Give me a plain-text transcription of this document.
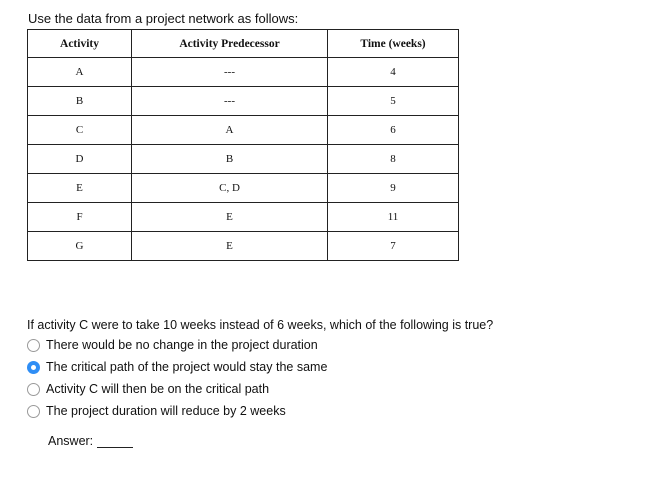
Use the data from a project network as follows:
Activity	Activity Predecessor	Time (weeks)
A	---	4
B	---	5
C	A	6
D	B	8
E	C, D	9
F	E	11
G	E	7
If activity C were to take 10 weeks instead of 6 weeks, which of the following is true?
There would be no change in the project duration
The critical path of the project would stay the same
Activity C will then be on the critical path
The project duration will reduce by 2 weeks
Answer:
